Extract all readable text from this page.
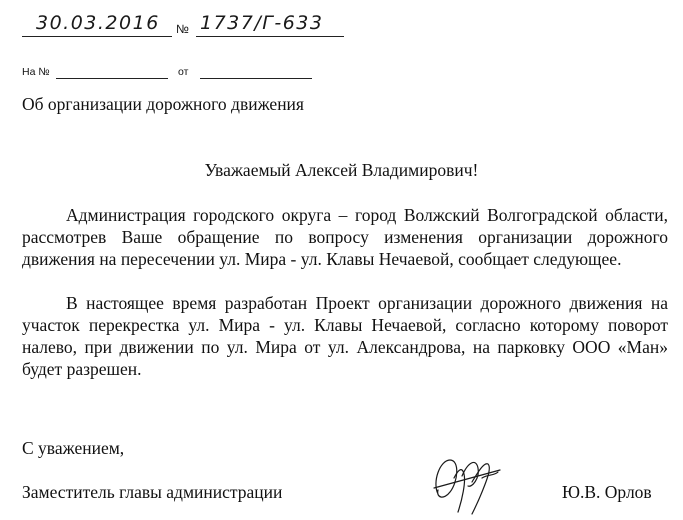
30.03.2016 № 1737/Г-633
На №	от
Об организации дорожного движения
Уважаемый Алексей Владимирович!

Администрация городского округа – город Волжский Волгоградской области, рассмотрев Ваше обращение по вопросу изменения организации дорожного движения на пересечении ул. Мира - ул. Клавы Нечаевой, сообщает следующее.

В настоящее время разработан Проект организации дорожного движения на участок перекрестка ул. Мира - ул. Клавы Нечаевой, согласно которому поворот налево, при движении по ул. Мира от ул. Александрова, на парковку ООО «Ман» будет разрешен.

С уважением,
Заместитель главы администрации	Ю.В. Орлов
